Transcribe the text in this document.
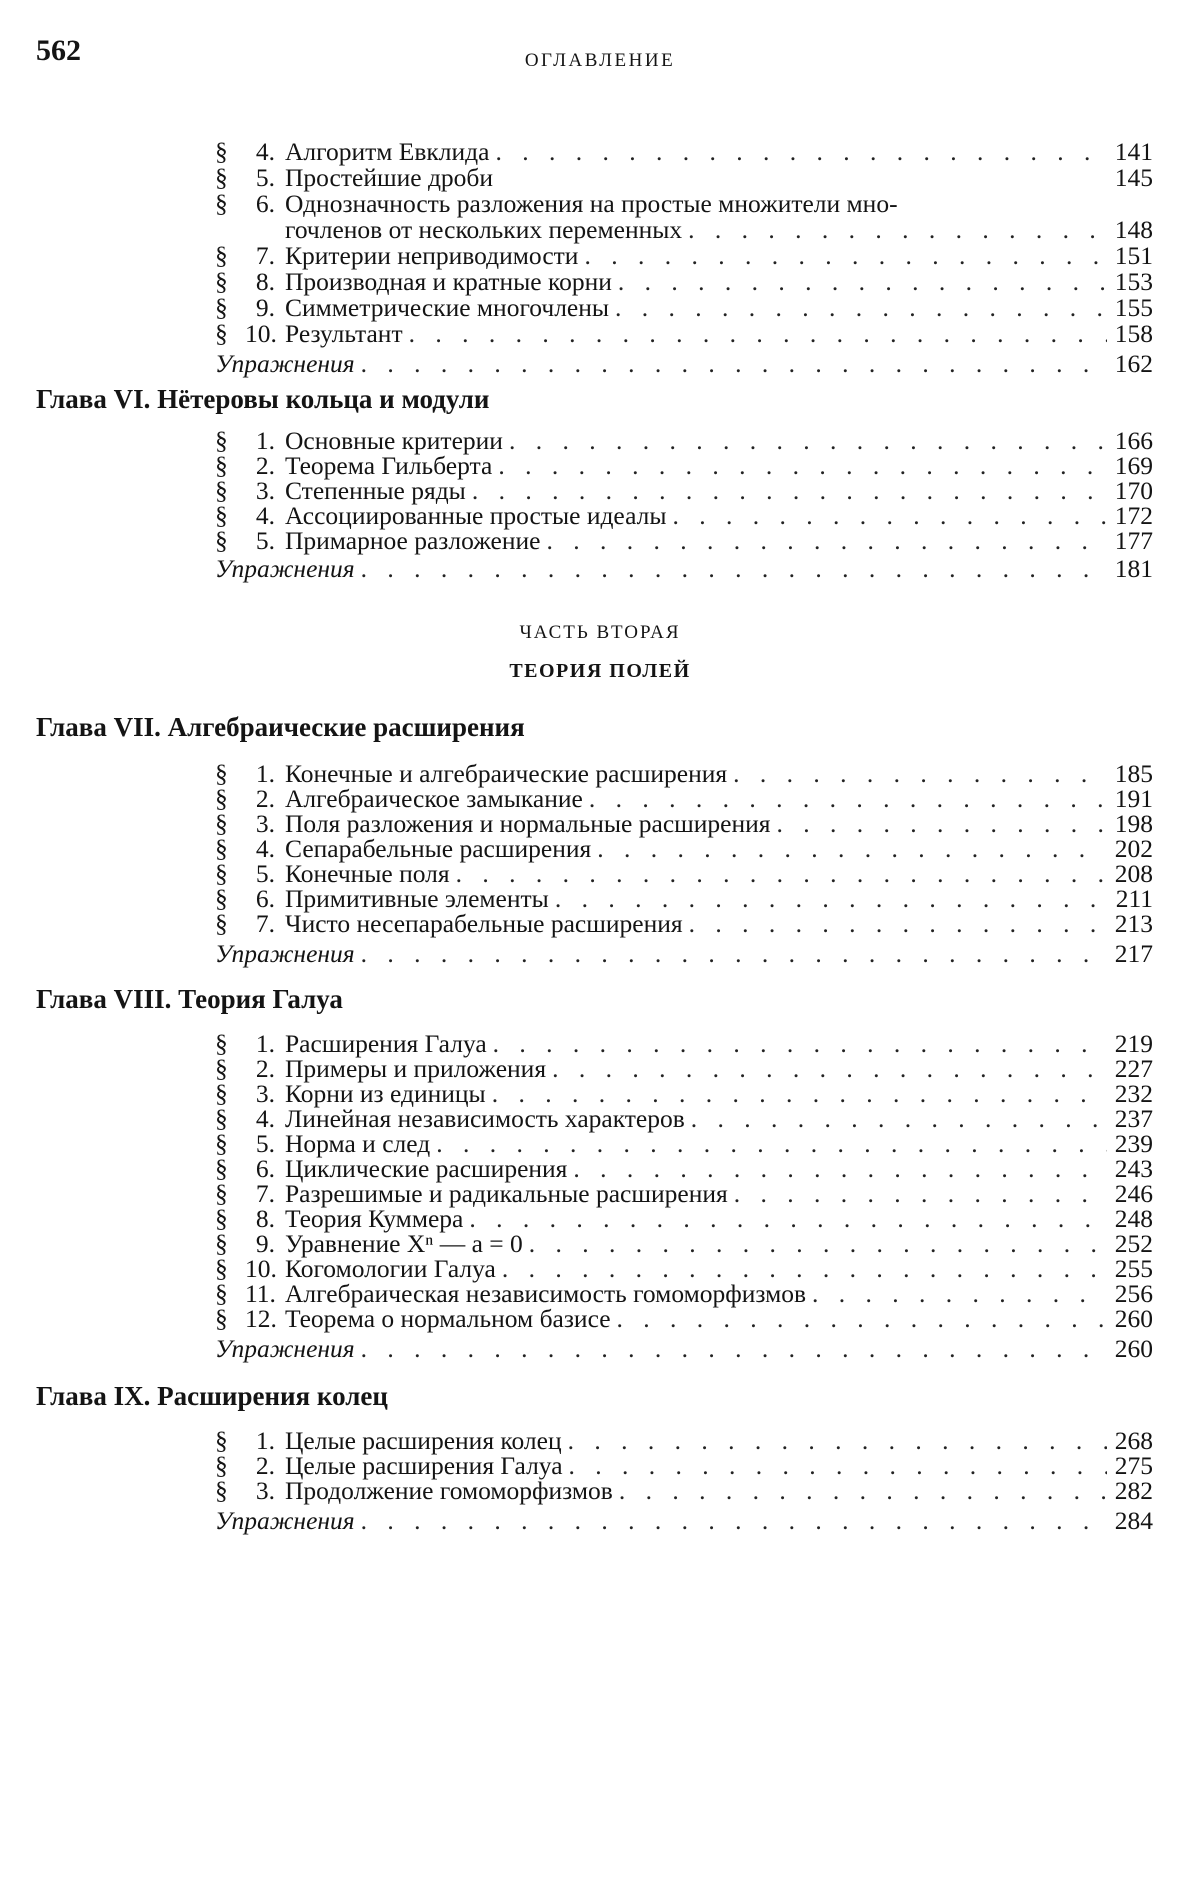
562	ОГЛАВЛЕНИЕ
§	4. Алгоритм Евклида . . .	141
§	5. Простейшие дроби	145
§	6. Однозначность разложения на простые множители мно-
гочленов от нескольких переменных . . .	148
§	7. Критерии неприводимости . . .	151
§	8. Производная и кратные корни . . .	153
§	9. Симметрические многочлены . . .	155
§ 10. Результант . . .	158
Упражнения . . .	162
Глава VI. Нётеровы кольца и модули
§	1. Основные критерии . . .	166
§	2. Теорема Гильберта . . .	169
§	3. Степенные ряды . . .	170
§	4. Ассоциированные простые идеалы . . .	172
§	5. Примарное разложение . . .	177
Упражнения . . .	181
ЧАСТЬ ВТОРАЯ
ТЕОРИЯ ПОЛЕЙ
Глава VII. Алгебраические расширения
§	1. Конечные и алгебраические расширения . . .	185
§	2. Алгебраическое замыкание . . .	191
§	3. Поля разложения и нормальные расширения . . .	198
§	4. Сепарабельные расширения . . .	202
§	5. Конечные поля . . .	208
§	6. Примитивные элементы . . .	211
§	7. Чисто несепарабельные расширения . . .	213
Упражнения . . .	217
Глава VIII. Теория Галуа
§	1. Расширения Галуа . . .	219
§	2. Примеры и приложения . . .	227
§	3. Корни из единицы . . .	232
§	4. Линейная независимость характеров . . .	237
§	5. Норма и след . . .	239
§	6. Циклические расширения . . .	243
§	7. Разрешимые и радикальные расширения . . .	246
§	8. Теория Куммера . . .	248
§	9. Уравнение Xⁿ — a = 0 . . .	252
§ 10. Когомологии Галуа . . .	255
§ 11. Алгебраическая независимость гомоморфизмов . . .	256
§ 12. Теорема о нормальном базисе . . .	260
Упражнения . . .	260
Глава IX. Расширения колец
§	1. Целые расширения колец . . .	268
§	2. Целые расширения Галуа . . .	275
§	3. Продолжение гомоморфизмов . . .	282
Упражнения . . .	284
